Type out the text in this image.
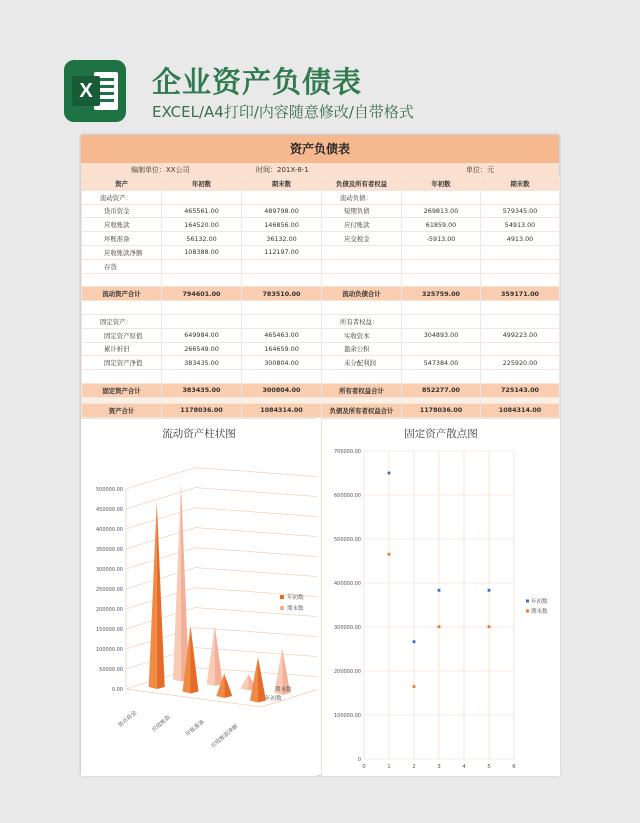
X 企业资产负债表
EXCEL/A4打印/内容随意修改/自带格式
资产负债表
编制单位：XX公司	时间：201X-8-1	单位：元
资产	年初数	期末数	负债及所有者权益	年初数	期末数
流动资产：			流动负债：		
货币资金	465561.00	489798.00	短期负债	269813.00	579345.00
应收账款	164520.00	146856.00	应付账款	61859.00	54913.00
坏账准备	56132.00	36132.00	应交税金	-5913.00	4913.00
应收账款净额	108388.00	112197.00			
存货					

流动资产合计	794601.00	783510.00	流动负债合计	325759.00	359171.00

固定资产：			所有者权益：		
固定资产原值	649984.00	465463.00	实收资本	304893.00	499223.00
累计折旧	266549.00	164659.00	盈余公积		
固定资产净值	383435.00	300804.00	未分配利润	547384.00	225920.00

固定资产合计	383435.00	300804.00	所有者权益合计	852277.00	725143.00

资产合计	1178036.00	1084314.00	负债及所有者权益合计	1178036.00	1084314.00
流动资产柱状图
0.00
50000.00
100000.00
150000.00
200000.00
250000.00
300000.00
350000.00
400000.00
450000.00
500000.00
货币资金 应收账款 坏账准备 应收账款净额
期末数
年初数
年初数
期末数
固定资产散点图
0
100000.00
200000.00
300000.00
400000.00
500000.00
600000.00
700000.00
0	1	2	3	4	5	6
年初数
期末数
